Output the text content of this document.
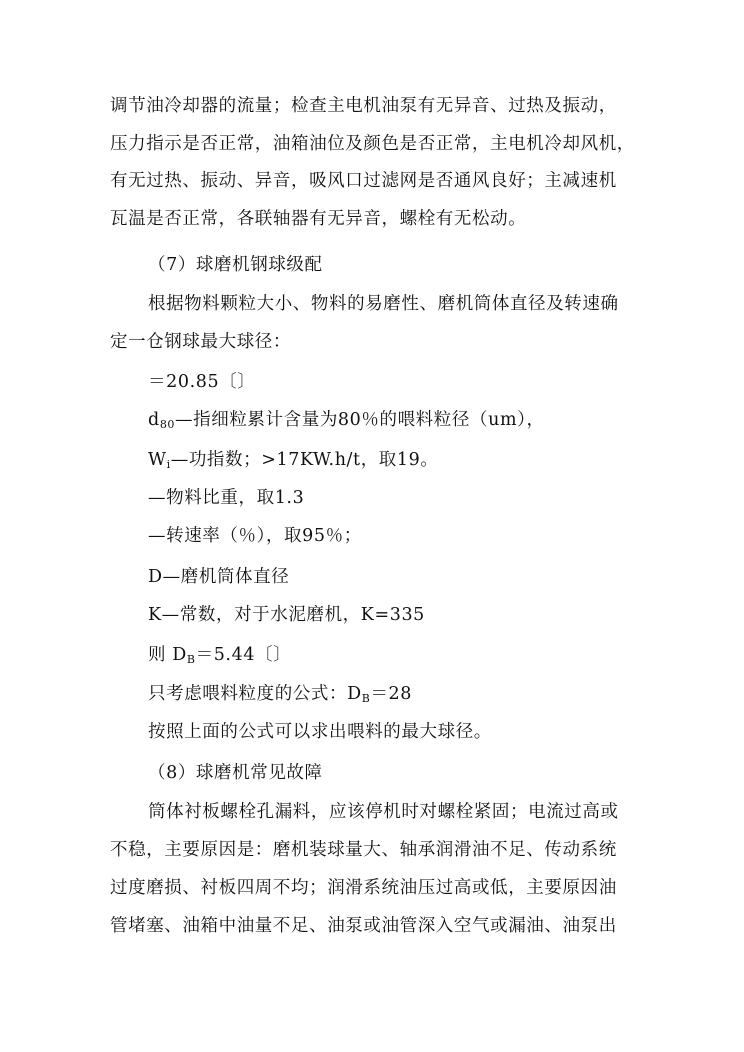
调节油冷却器的流量；检查主电机油泵有无异音、过热及振动，
压力指示是否正常，油箱油位及颜色是否正常，主电机冷却风机，
有无过热、振动、异音，吸风口过滤网是否通风良好；主减速机
瓦温是否正常，各联轴器有无异音，螺栓有无松动。
（7）球磨机钢球级配
根据物料颗粒大小、物料的易磨性、磨机筒体直径及转速确
定一仓钢球最大球径：
＝20.85〔〕
$d_{80}—$指细粒累计含量为80％的喂料粒径（um），
$W_i—$功指数；>17KW.h/t，取19。
—物料比重，取1.3
—转速率（％），取95％；
D—磨机筒体直径
K—常数，对于水泥磨机，K=335
则 $D_B=5.44$〔〕
只考虑喂料粒度的公式：$D_B=28$
按照上面的公式可以求出喂料的最大球径。
（8）球磨机常见故障
筒体衬板螺栓孔漏料，应该停机时对螺栓紧固；电流过高或
不稳，主要原因是：磨机装球量大、轴承润滑油不足、传动系统
过度磨损、衬板四周不均；润滑系统油压过高或低，主要原因油
管堵塞、油箱中油量不足、油泵或油管深入空气或漏油、油泵出
